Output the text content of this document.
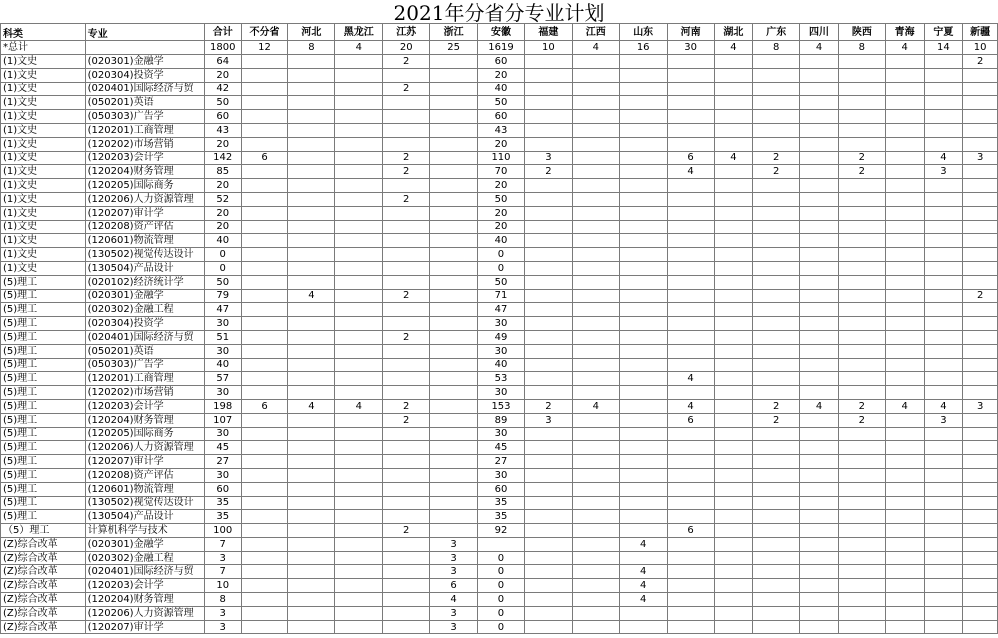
2021年分省分专业计划
科类	专业	合计	不分省	河北	黑龙江	江苏	浙江	安徽	福建	江西	山东	河南	湖北	广东	四川	陕西	青海	宁夏	新疆
*总计		1800	12	8	4	20	25	1619	10	4	16	30	4	8	4	8	4	14	10
(1)文史	(020301)金融学	64				2		60											2
(1)文史	(020304)投资学	20						20											
(1)文史	(020401)国际经济与贸	42				2		40											
(1)文史	(050201)英语	50						50											
(1)文史	(050303)广告学	60						60											
(1)文史	(120201)工商管理	43						43											
(1)文史	(120202)市场营销	20						20											
(1)文史	(120203)会计学	142	6			2		110	3			6	4	2		2		4	3
(1)文史	(120204)财务管理	85				2		70	2			4		2		2		3	
(1)文史	(120205)国际商务	20						20											
(1)文史	(120206)人力资源管理	52				2		50											
(1)文史	(120207)审计学	20						20											
(1)文史	(120208)资产评估	20						20											
(1)文史	(120601)物流管理	40						40											
(1)文史	(130502)视觉传达设计	0						0											
(1)文史	(130504)产品设计	0						0											
(5)理工	(020102)经济统计学	50						50											
(5)理工	(020301)金融学	79		4		2		71											2
(5)理工	(020302)金融工程	47						47											
(5)理工	(020304)投资学	30						30											
(5)理工	(020401)国际经济与贸	51				2		49											
(5)理工	(050201)英语	30						30											
(5)理工	(050303)广告学	40						40											
(5)理工	(120201)工商管理	57						53				4							
(5)理工	(120202)市场营销	30						30											
(5)理工	(120203)会计学	198	6	4	4	2		153	2	4		4		2	4	2	4	4	3
(5)理工	(120204)财务管理	107				2		89	3			6		2		2		3	
(5)理工	(120205)国际商务	30						30											
(5)理工	(120206)人力资源管理	45						45											
(5)理工	(120207)审计学	27						27											
(5)理工	(120208)资产评估	30						30											
(5)理工	(120601)物流管理	60						60											
(5)理工	(130502)视觉传达设计	35						35											
(5)理工	(130504)产品设计	35						35											
（5）理工	计算机科学与技术	100				2		92				6							
(Z)综合改革	(020301)金融学	7					3				4								
(Z)综合改革	(020302)金融工程	3					3	0											
(Z)综合改革	(020401)国际经济与贸	7					3	0			4								
(Z)综合改革	(120203)会计学	10					6	0			4								
(Z)综合改革	(120204)财务管理	8					4	0			4								
(Z)综合改革	(120206)人力资源管理	3					3	0											
(Z)综合改革	(120207)审计学	3					3	0											
